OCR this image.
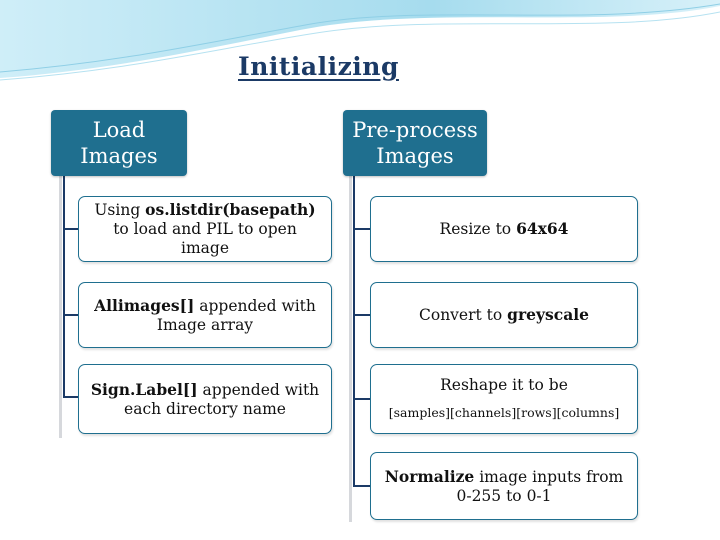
Initializing
Load
Images
Using os.listdir(basepath) to load and PIL to open image
Allimages[] appended with Image array
Sign.Label[] appended with each directory name
Pre-process
Images
Resize to 64x64
Convert to greyscale
Reshape it to be
[samples][channels][rows][columns]
Normalize image inputs from 0-255 to 0-1
